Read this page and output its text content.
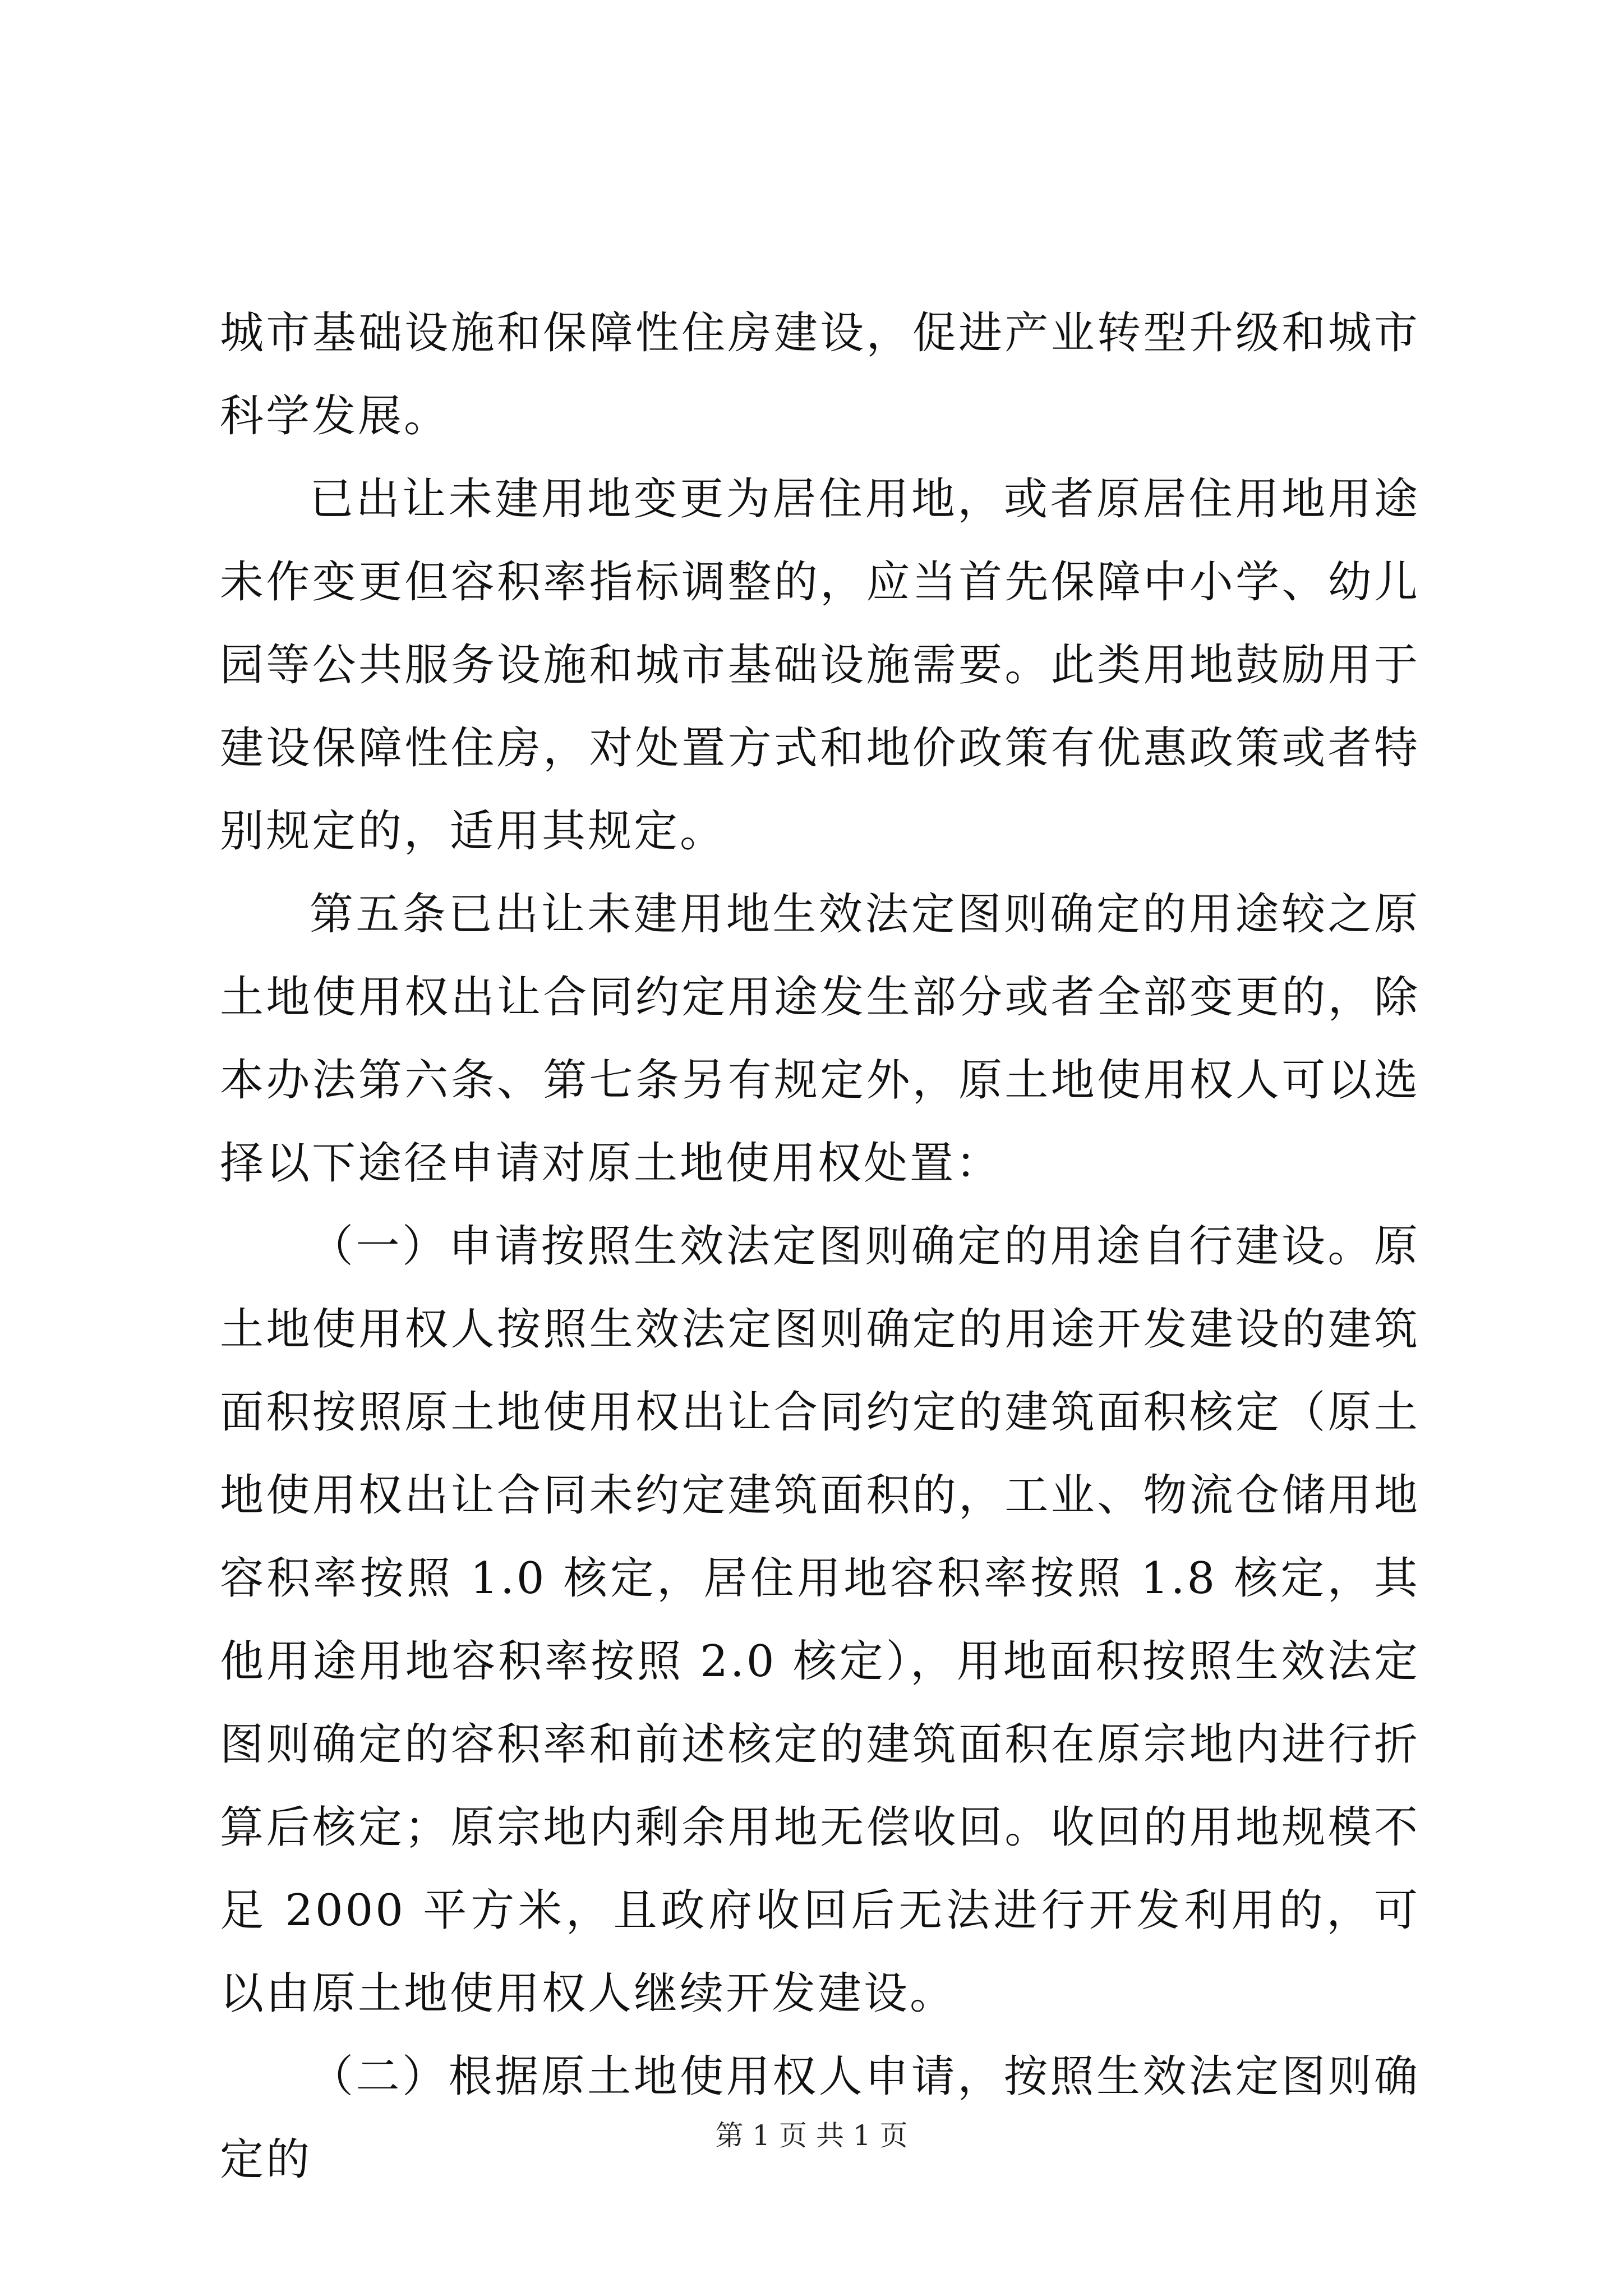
城市基础设施和保障性住房建设，促进产业转型升级和城市科学发展。

已出让未建用地变更为居住用地，或者原居住用地用途未作变更但容积率指标调整的，应当首先保障中小学、幼儿园等公共服务设施和城市基础设施需要。此类用地鼓励用于建设保障性住房，对处置方式和地价政策有优惠政策或者特别规定的，适用其规定。

第五条已出让未建用地生效法定图则确定的用途较之原土地使用权出让合同约定用途发生部分或者全部变更的，除本办法第六条、第七条另有规定外，原土地使用权人可以选择以下途径申请对原土地使用权处置：

（一）申请按照生效法定图则确定的用途自行建设。原土地使用权人按照生效法定图则确定的用途开发建设的建筑面积按照原土地使用权出让合同约定的建筑面积核定（原土地使用权出让合同未约定建筑面积的，工业、物流仓储用地容积率按照 1.0 核定，居住用地容积率按照 1.8 核定，其他用途用地容积率按照 2.0 核定），用地面积按照生效法定图则确定的容积率和前述核定的建筑面积在原宗地内进行折算后核定；原宗地内剩余用地无偿收回。收回的用地规模不足 2000 平方米，且政府收回后无法进行开发利用的，可以由原土地使用权人继续开发建设。

（二）根据原土地使用权人申请，按照生效法定图则确定的	第 1 页 共 1 页
